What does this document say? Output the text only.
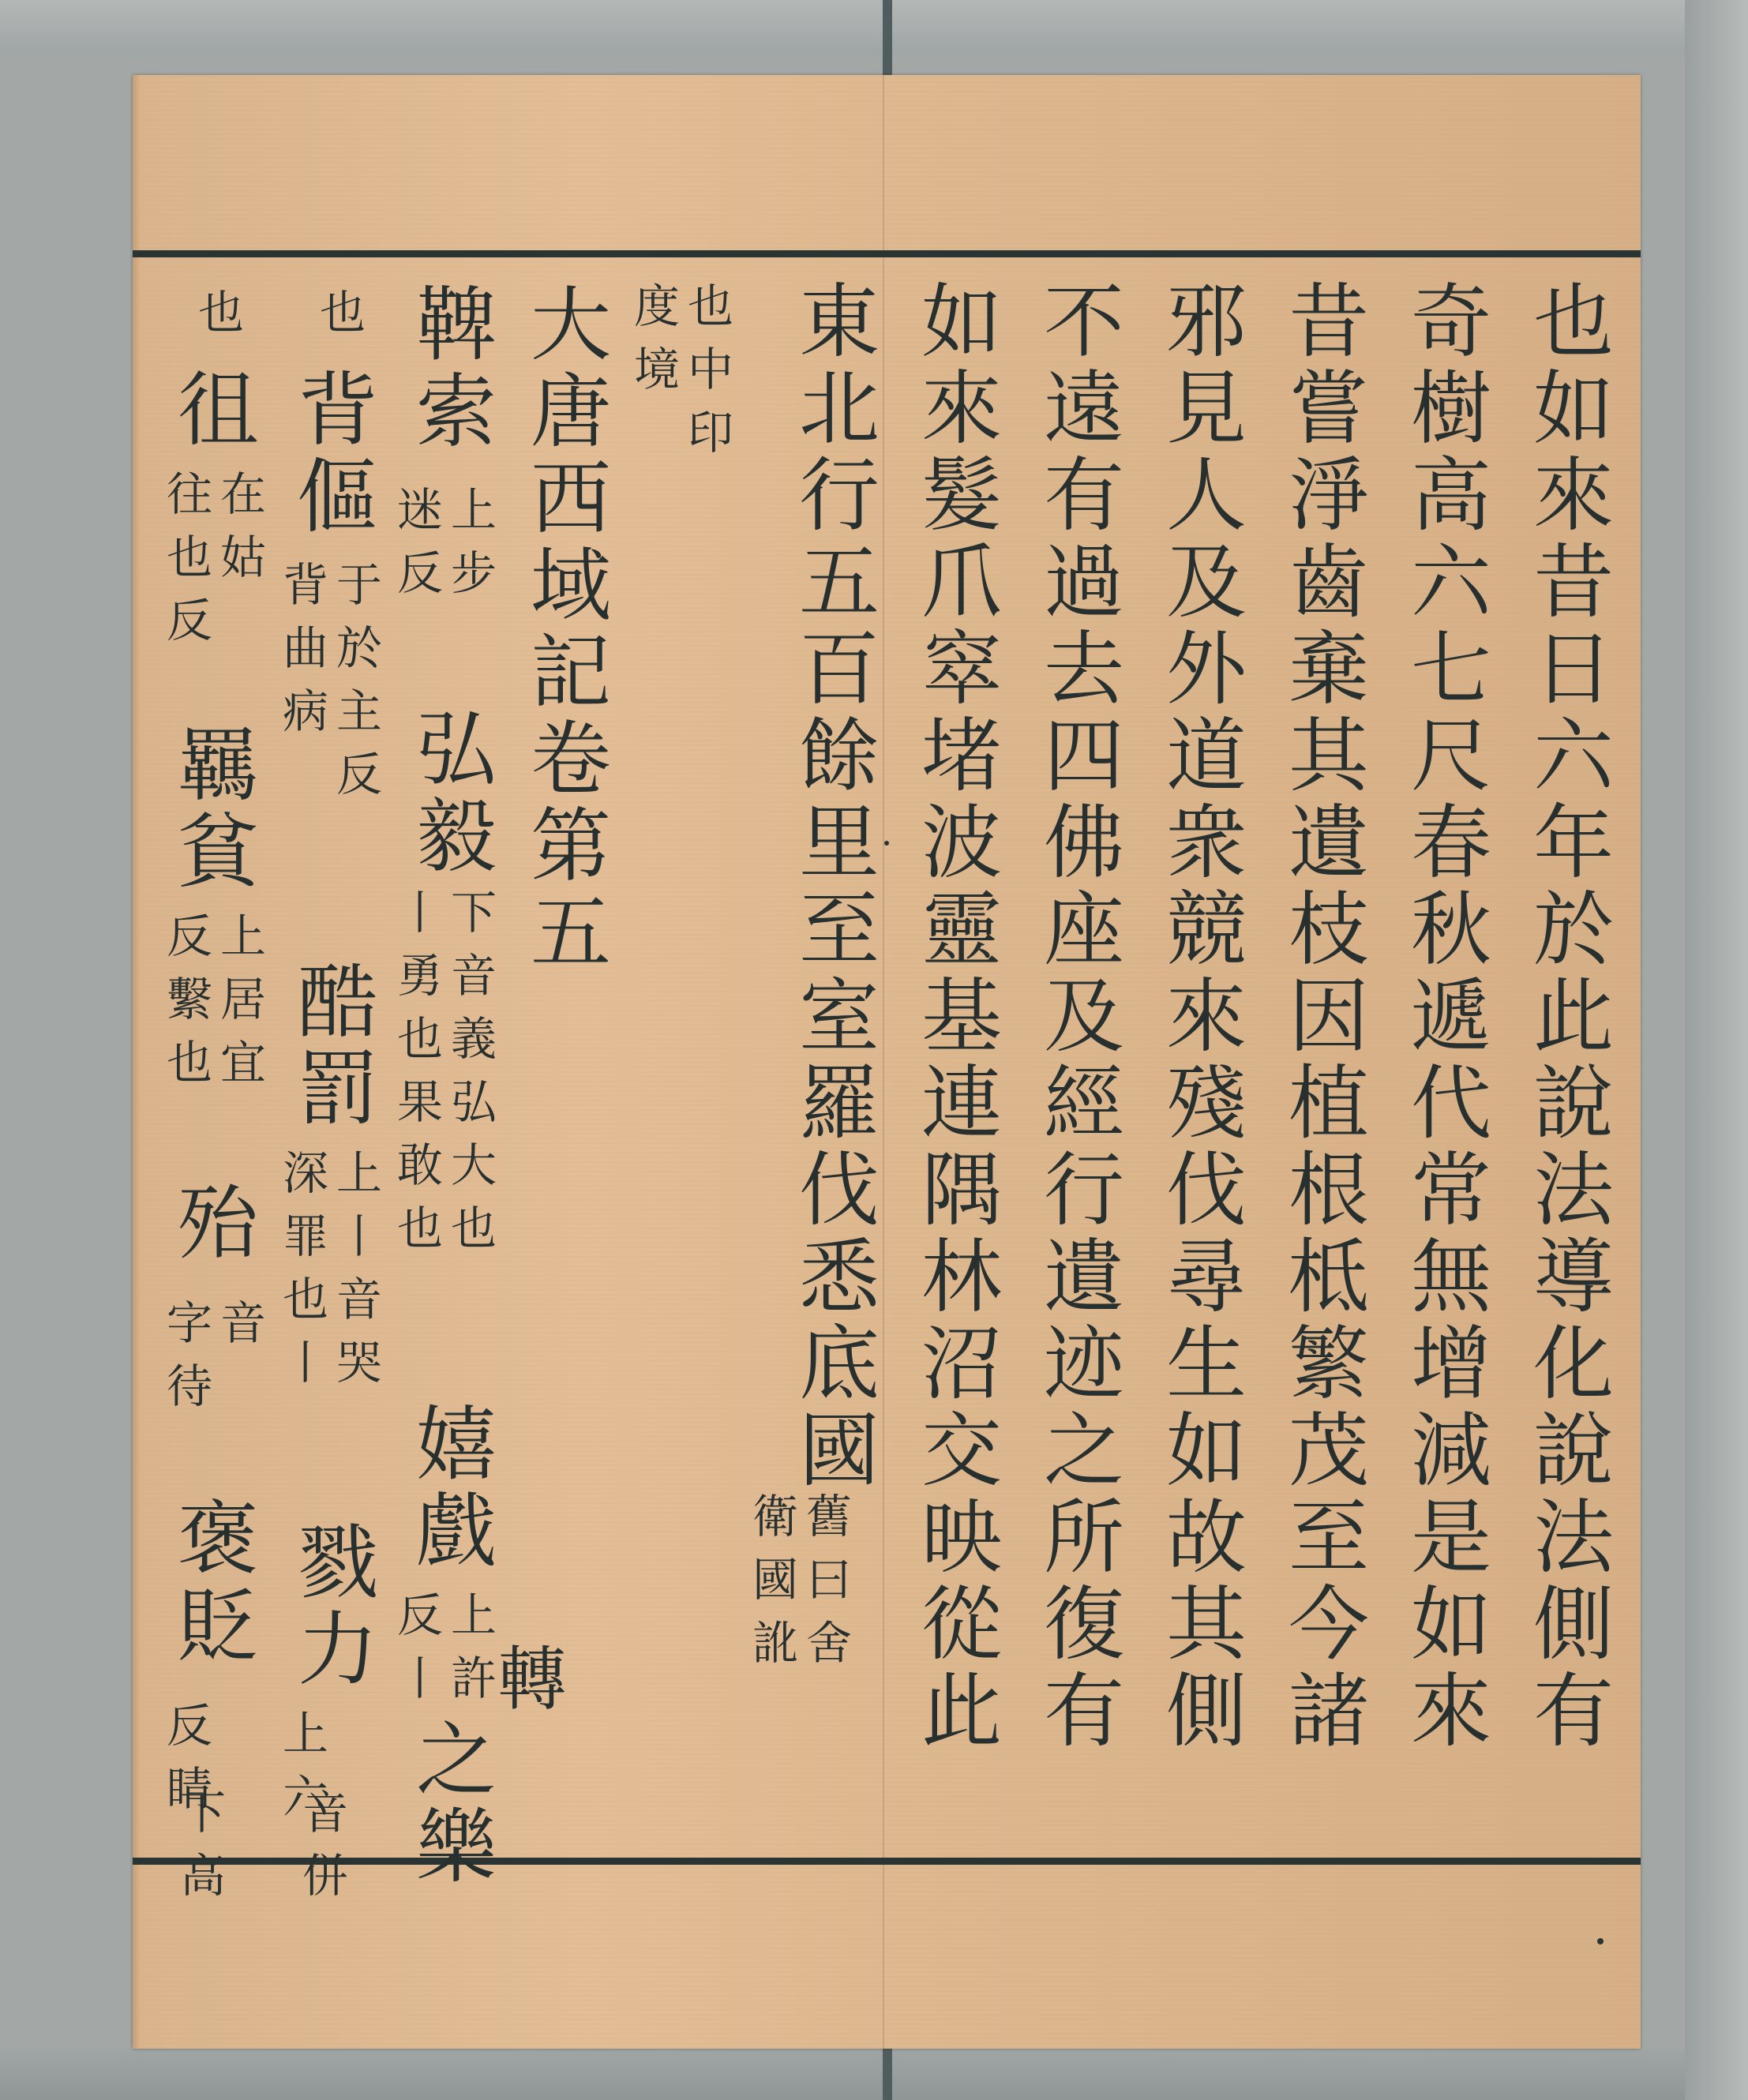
也如來昔日六年於此說法導化說法側有
奇樹高六七尺春秋遞代常無增減是如來
昔嘗淨齒棄其遺枝因植根柢繁茂至今諸
邪見人及外道衆競來殘伐尋生如故其側
不遠有過去四佛座及經行遺迹之所復有
如來髮爪窣堵波靈基連隅林沼交映從此
東北行五百餘里至室羅伐悉底國
舊曰舍
衛國訛
也中印
度境
大唐西域記卷第五
鞞索
上步
迷反
弘毅
下音義弘大也
丨勇也果敢也
嬉戲
上許
反丨
之樂
也
背傴
于於主反
背曲病
酷罰
上丨音哭
深罪也丨
戮力
上六
音併
也
徂
在姑
往也反
羈貧
上居宜
反繫也
殆
音
字待
褒貶
反睛
下高
轉
